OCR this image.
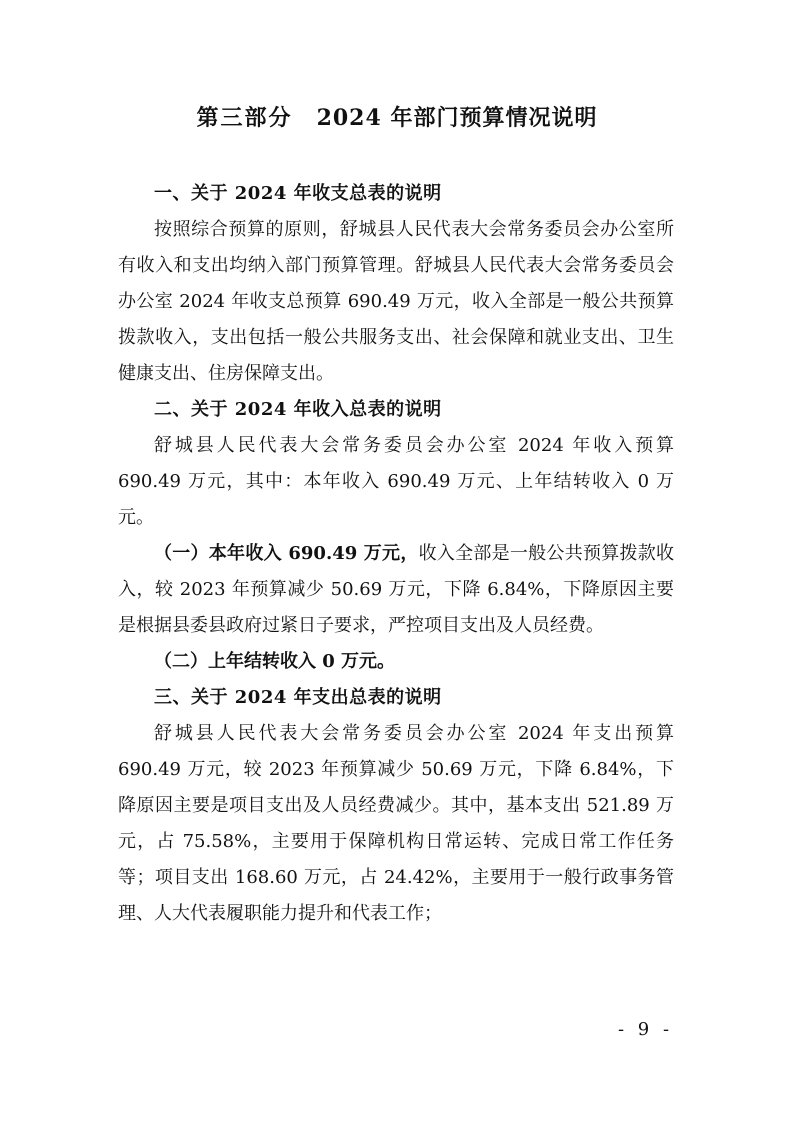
第三部分 2024 年部门预算情况说明

一、关于 2024 年收支总表的说明

按照综合预算的原则，舒城县人民代表大会常务委员会办公室所有收入和支出均纳入部门预算管理。舒城县人民代表大会常务委员会办公室 2024 年收支总预算 690.49 万元，收入全部是一般公共预算拨款收入，支出包括一般公共服务支出、社会保障和就业支出、卫生健康支出、住房保障支出。

二、关于 2024 年收入总表的说明

舒城县人民代表大会常务委员会办公室 2024 年收入预算 690.49 万元，其中：本年收入 690.49 万元、上年结转收入 0 万元。

（一）本年收入 690.49 万元，收入全部是一般公共预算拨款收入，较 2023 年预算减少 50.69 万元，下降 6.84%，下降原因主要是根据县委县政府过紧日子要求，严控项目支出及人员经费。

（二）上年结转收入 0 万元。

三、关于 2024 年支出总表的说明

舒城县人民代表大会常务委员会办公室 2024 年支出预算 690.49 万元，较 2023 年预算减少 50.69 万元，下降 6.84%，下降原因主要是项目支出及人员经费减少。其中，基本支出 521.89 万元，占 75.58%，主要用于保障机构日常运转、完成日常工作任务等；项目支出 168.60 万元，占 24.42%，主要用于一般行政事务管理、人大代表履职能力提升和代表工作；

- 9 -
